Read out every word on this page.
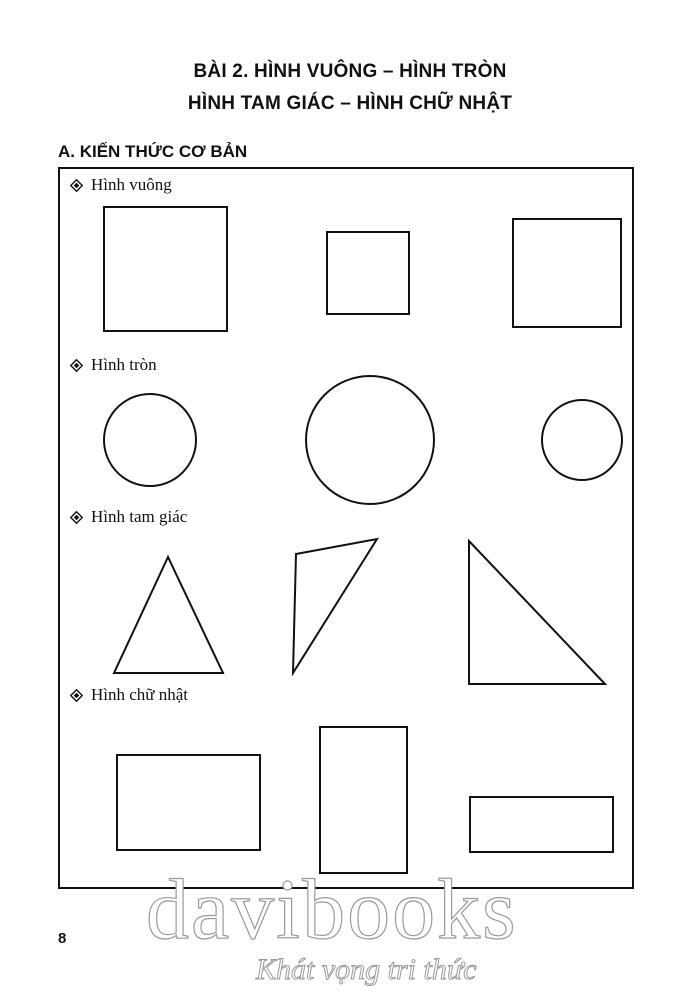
BÀI 2. HÌNH VUÔNG – HÌNH TRÒN
HÌNH TAM GIÁC – HÌNH CHỮ NHẬT
A. KIẾN THỨC CƠ BẢN

Hình vuông

Hình tròn

Hình tam giác

Hình chữ nhật

8 davibooks

Khát vọng tri thức
